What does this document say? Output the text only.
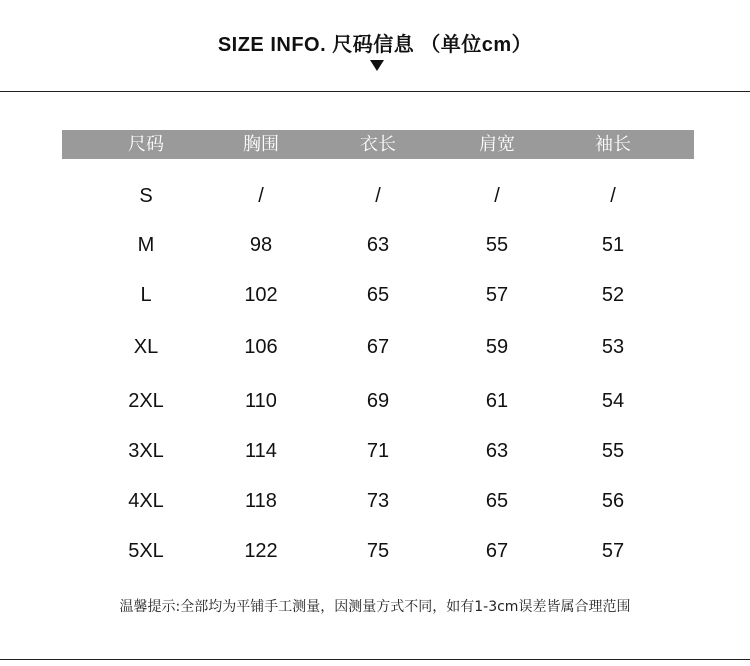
SIZE INFO. 尺码信息 （单位cm）
尺码	胸围	衣长	肩宽	袖长
S	/	/	/	/
M	98	63	55	51
L	102	65	57	52
XL	106	67	59	53
2XL	110	69	61	54
3XL	114	71	63	55
4XL	118	73	65	56
5XL	122	75	67	57
温馨提示:全部均为平铺手工测量，因测量方式不同，如有1-3cm误差皆属合理范围
